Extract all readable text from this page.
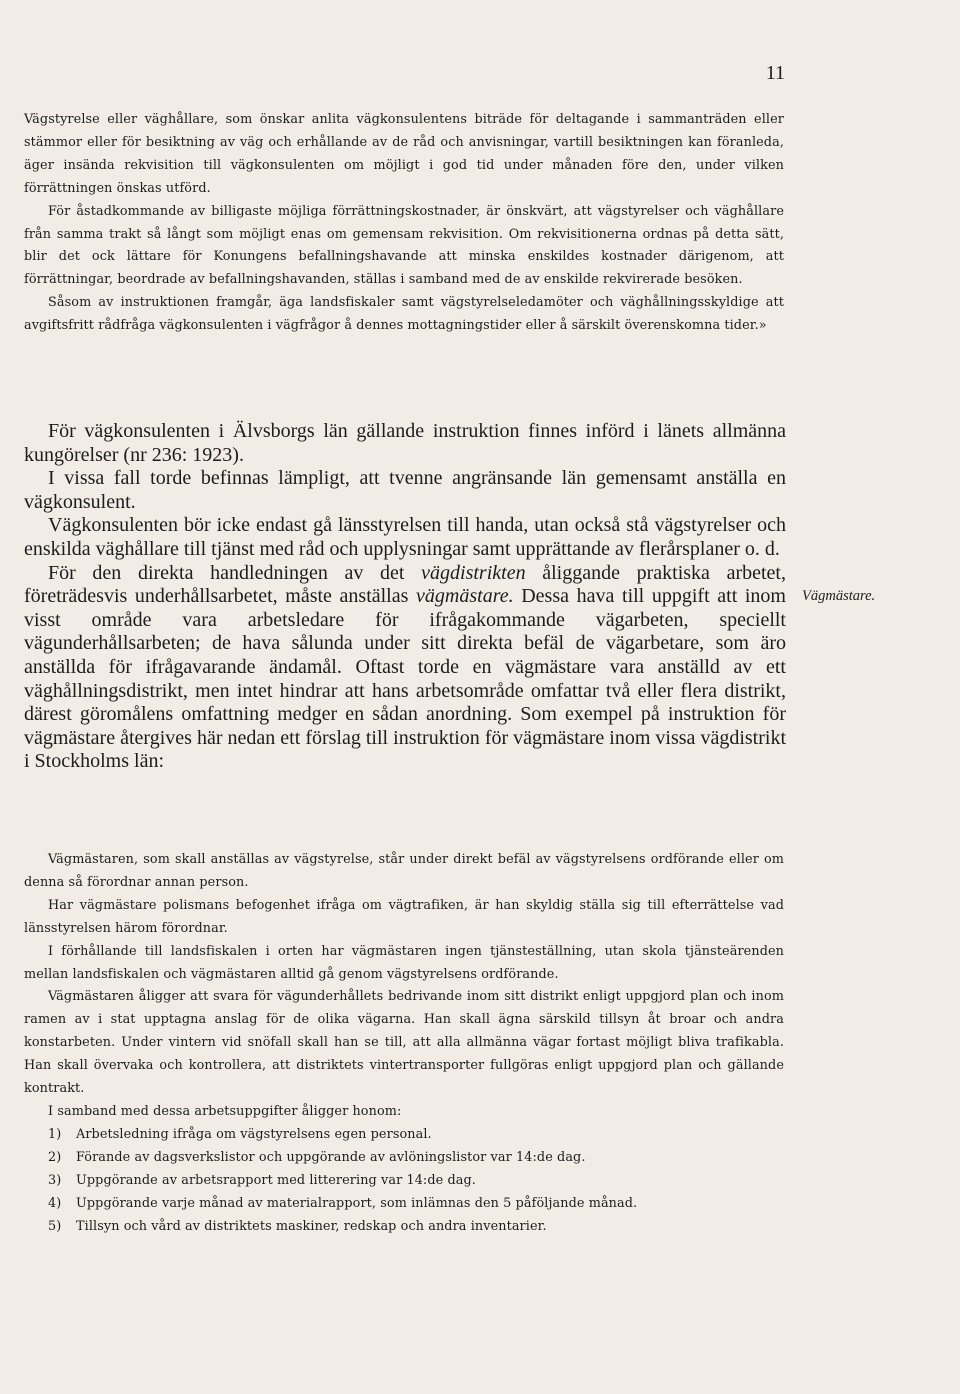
11

Vägstyrelse eller väghållare, som önskar anlita vägkonsulentens biträde för deltagande i sammanträden eller stämmor eller för besiktning av väg och erhållande av de råd och anvisningar, vartill besiktningen kan föranleda, äger insända rekvisition till vägkonsulenten om möjligt i god tid under månaden före den, under vilken förrättningen önskas utförd.

För åstadkommande av billigaste möjliga förrättningskostnader, är önskvärt, att vägstyrelser och väghållare från samma trakt så långt som möjligt enas om gemensam rekvisition. Om rekvisitionerna ordnas på detta sätt, blir det ock lättare för Konungens befallningshavande att minska enskildes kostnader därigenom, att förrättningar, beordrade av befallningshavanden, ställas i samband med de av enskilde rekvirerade besöken.

Såsom av instruktionen framgår, äga landsfiskaler samt vägstyrelseledamöter och väghållningsskyldige att avgiftsfritt rådfråga vägkonsulenten i vägfrågor å dennes mottagningstider eller å särskilt överenskomna tider.»

För vägkonsulenten i Älvsborgs län gällande instruktion finnes införd i länets allmänna kungörelser (nr 236: 1923).

I vissa fall torde befinnas lämpligt, att tvenne angränsande län gemensamt anställa en vägkonsulent.

Vägkonsulenten bör icke endast gå länsstyrelsen till handa, utan också stå vägstyrelser och enskilda väghållare till tjänst med råd och upplysningar samt upprättande av flerårsplaner o. d.

För den direkta handledningen av det vägdistrikten åliggande praktiska arbetet, företrädesvis underhållsarbetet, måste anställas vägmästare. Dessa hava till uppgift att inom visst område vara arbetsledare för ifrågakommande vägarbeten, speciellt vägunderhållsarbeten; de hava sålunda under sitt direkta befäl de vägarbetare, som äro anställda för ifrågavarande ändamål. Oftast torde en vägmästare vara anställd av ett väghållningsdistrikt, men intet hindrar att hans arbetsområde omfattar två eller flera distrikt, därest göromålens omfattning medger en sådan anordning. Som exempel på instruktion för vägmästare återgives här nedan ett förslag till instruktion för vägmästare inom vissa vägdistrikt i Stockholms län:

Vägmästare.

Vägmästaren, som skall anställas av vägstyrelse, står under direkt befäl av vägstyrelsens ordförande eller om denna så förordnar annan person.

Har vägmästare polismans befogenhet ifråga om vägtrafiken, är han skyldig ställa sig till efterrättelse vad länsstyrelsen härom förordnar.

I förhållande till landsfiskalen i orten har vägmästaren ingen tjänsteställning, utan skola tjänsteärenden mellan landsfiskalen och vägmästaren alltid gå genom vägstyrelsens ordförande.

Vägmästaren åligger att svara för vägunderhållets bedrivande inom sitt distrikt enligt uppgjord plan och inom ramen av i stat upptagna anslag för de olika vägarna. Han skall ägna särskild tillsyn åt broar och andra konstarbeten. Under vintern vid snöfall skall han se till, att alla allmänna vägar fortast möjligt bliva trafikabla. Han skall övervaka och kontrollera, att distriktets vintertransporter fullgöras enligt uppgjord plan och gällande kontrakt.

I samband med dessa arbetsuppgifter åligger honom:

1)	Arbetsledning ifråga om vägstyrelsens egen personal.
2)	Förande av dagsverkslistor och uppgörande av avlöningslistor var 14:de dag.
3)	Uppgörande av arbetsrapport med litterering var 14:de dag.
4)	Uppgörande varje månad av materialrapport, som inlämnas den 5 påföljande månad.
5)	Tillsyn och vård av distriktets maskiner, redskap och andra inventarier.
